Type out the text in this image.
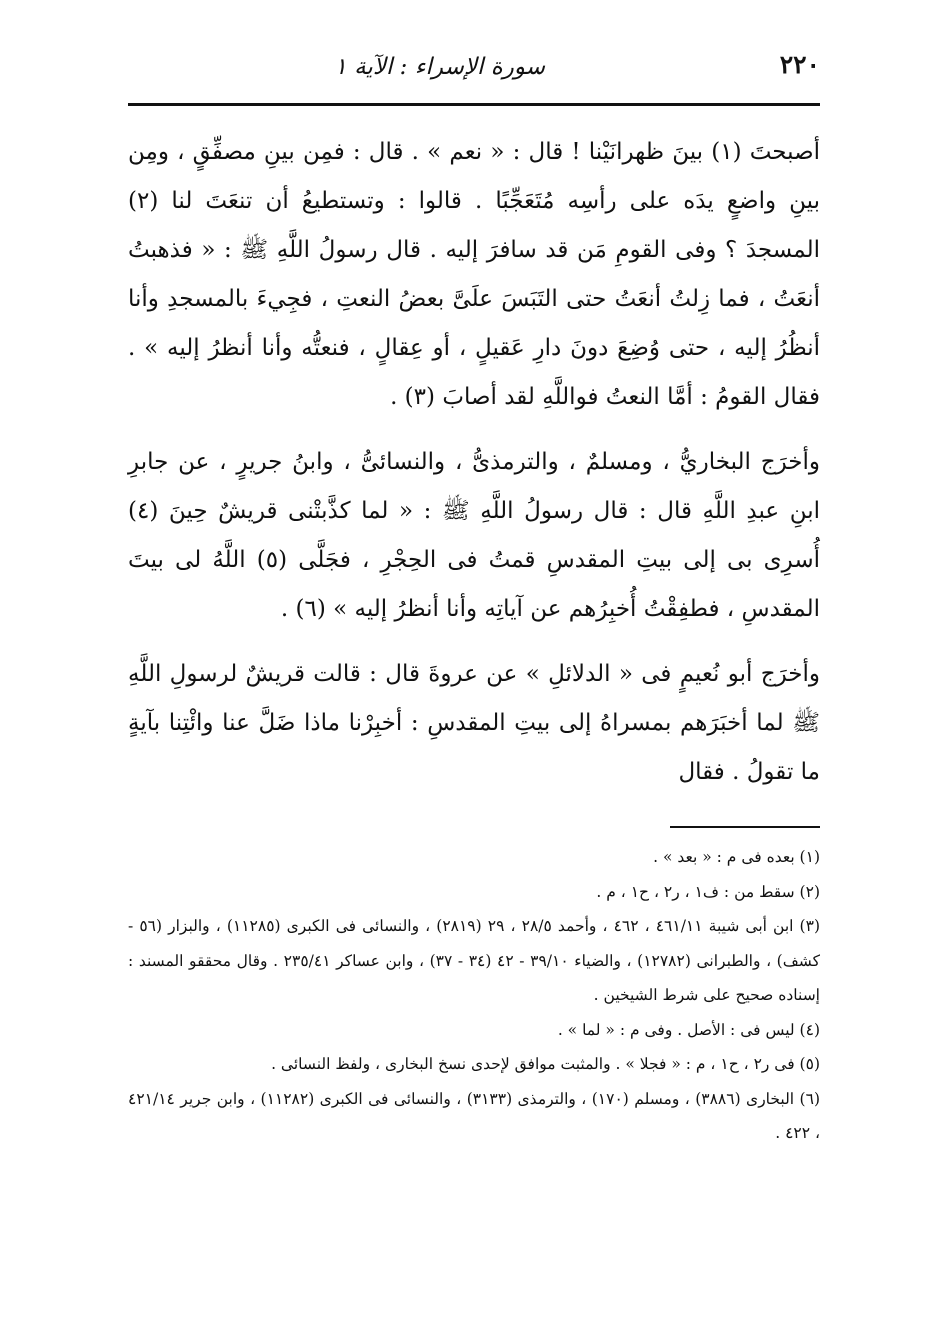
٢٢٠
سورة الإسراء : الآية ١

أصبحتَ (١) بينَ ظهرانَيْنا ! قال : « نعم » . قال : فمِن بينِ مصفِّقٍ ، ومِن بينِ واضعٍ يدَه على رأسِه مُتَعَجِّبًا . قالوا : وتستطيعُ أن تنعَتَ لنا (٢) المسجدَ ؟ وفى القومِ مَن قد سافرَ إليه . قال رسولُ اللَّهِ ﷺ : « فذهبتُ أنعَتُ ، فما زِلتُ أنعَتُ حتى التَبَسَ علَىَّ بعضُ النعتِ ، فجِيءَ بالمسجدِ وأنا أنظُرُ إليه ، حتى وُضِعَ دونَ دارِ عَقيلٍ ، أو عِقالٍ ، فنعتُّه وأنا أنظرُ إليه » . فقال القومُ : أمَّا النعتُ فواللَّهِ لقد أصابَ (٣) .

وأخرَج البخاريُّ ، ومسلمٌ ، والترمذىُّ ، والنسائىُّ ، وابنُ جريرٍ ، عن جابرِ ابنِ عبدِ اللَّهِ قال : قال رسولُ اللَّهِ ﷺ : « لما كذَّبتْنى قريشٌ حِينَ (٤) أُسرِى بى إلى بيتِ المقدسِ قمتُ فى الحِجْرِ ، فجَلَّى (٥) اللَّهُ لى بيتَ المقدسِ ، فطفِقْتُ أُخبِرُهم عن آياتِه وأنا أنظرُ إليه » (٦) .

وأخرَج أبو نُعيمٍ فى « الدلائلِ » عن عروةَ قال : قالت قريشٌ لرسولِ اللَّهِ ﷺ لما أخبَرَهم بمسراهُ إلى بيتِ المقدسِ : أخبِرْنا ماذا ضَلَّ عنا وائْتِنا بآيةٍ ما تقولُ . فقال

(١) بعده فى م : « بعد » .

(٢) سقط من : ف١ ، ر٢ ، ح١ ، م .

(٣) ابن أبى شيبة ٤٦١/١١ ، ٤٦٢ ، وأحمد ٢٨/٥ ، ٢٩ (٢٨١٩) ، والنسائى فى الكبرى (١١٢٨٥) ، والبزار (٥٦ - كشف) ، والطبرانى (١٢٧٨٢) ، والضياء ٣٩/١٠ - ٤٢ (٣٤ - ٣٧) ، وابن عساكر ٢٣٥/٤١ . وقال محققو المسند : إسناده صحيح على شرط الشيخين .

(٤) ليس فى : الأصل . وفى م : « لما » .

(٥) فى ر٢ ، ح١ ، م : « فجلا » . والمثبت موافق لإحدى نسخ البخارى ، ولفظ النسائى .

(٦) البخارى (٣٨٨٦) ، ومسلم (١٧٠) ، والترمذى (٣١٣٣) ، والنسائى فى الكبرى (١١٢٨٢) ، وابن جرير ٤٢١/١٤ ، ٤٢٢ .
